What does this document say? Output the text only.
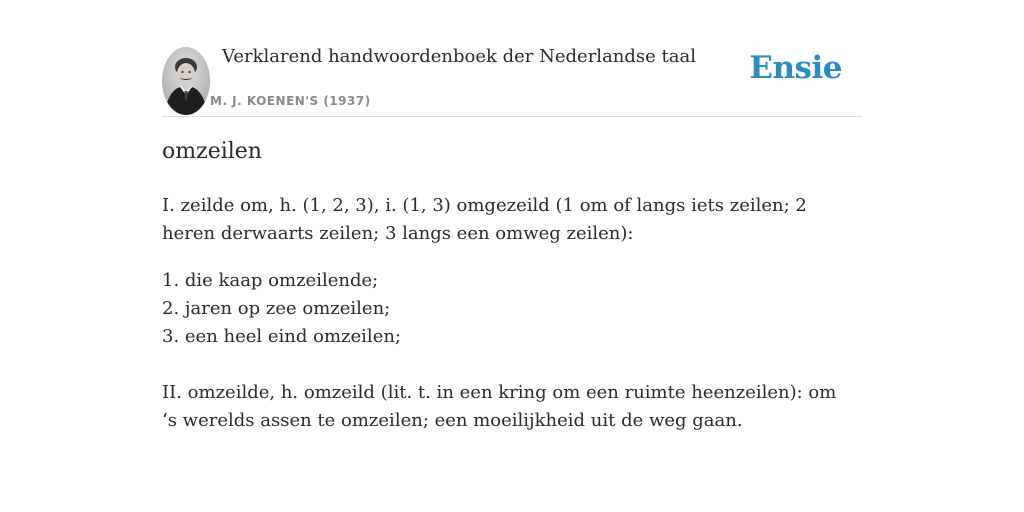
Verklarend handwoordenboek der Nederlandse taal
M. J. KOENEN'S (1937)
Ensie
omzeilen

I. zeilde om, h. (1, 2, 3), i. (1, 3) omgezeild (1 om of langs iets zeilen; 2 heren derwaarts zeilen; 3 langs een omweg zeilen):

1. die kaap omzeilende;
2. jaren op zee omzeilen;
3. een heel eind omzeilen;

II. omzeilde, h. omzeild (lit. t. in een kring om een ruimte heenzeilen): om ‘s werelds assen te omzeilen; een moeilijkheid uit de weg gaan.
